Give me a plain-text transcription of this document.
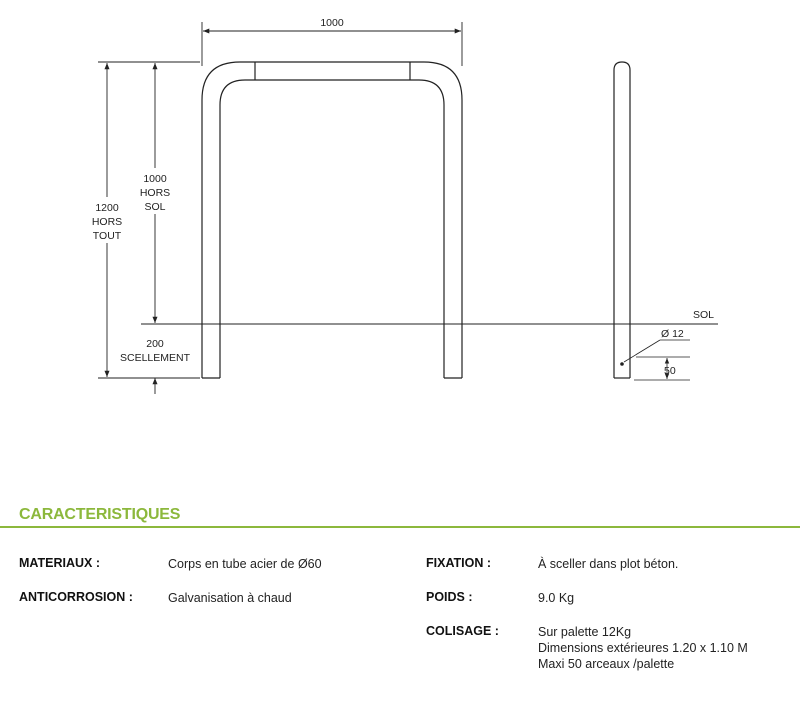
1000
SOL
1000
HORS
SOL
1200
HORS
TOUT
200
SCELLEMENT
Ø 12
50
CARACTERISTIQUES
MATERIAUX :	Corps en tube acier de Ø60
ANTICORROSION :	Galvanisation à chaud
FIXATION :	À sceller dans plot béton.
POIDS :	9.0 Kg
COLISAGE :	Sur palette 12Kg
Dimensions extérieures 1.20 x 1.10 M
Maxi 50 arceaux /palette
